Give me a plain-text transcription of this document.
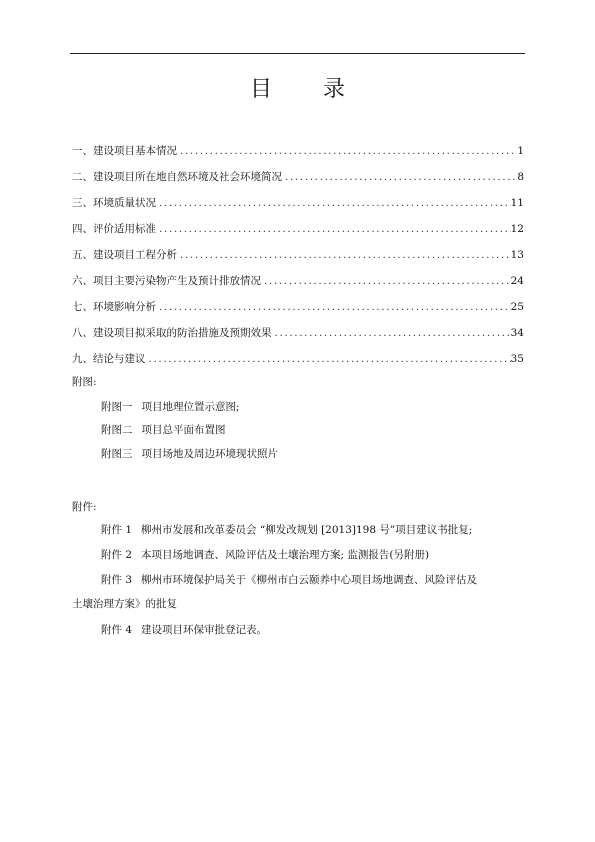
目 录
一、建设项目基本情况 .....	1
二、建设项目所在地自然环境及社会环境简况 .....	8
三、环境质量状况 .....	11
四、评价适用标准 .....	12
五、建设项目工程分析 .....	13
六、项目主要污染物产生及预计排放情况 .....	24
七、环境影响分析 .....	25
八、建设项目拟采取的防治措施及预期效果 .....	34
九、结论与建议 .....	35
附图:
附图一 项目地理位置示意图;
附图二 项目总平面布置图
附图三 项目场地及周边环境现状照片
附件:
附件 1 柳州市发展和改革委员会 “柳发改规划 [2013]198 号”项目建议书批复;
附件 2 本项目场地调查、风险评估及土壤治理方案; 监测报告(另附册)
附件 3 柳州市环境保护局关于《柳州市白云颐养中心项目场地调查、风险评估及
土壤治理方案》的批复
附件 4 建设项目环保审批登记表。
